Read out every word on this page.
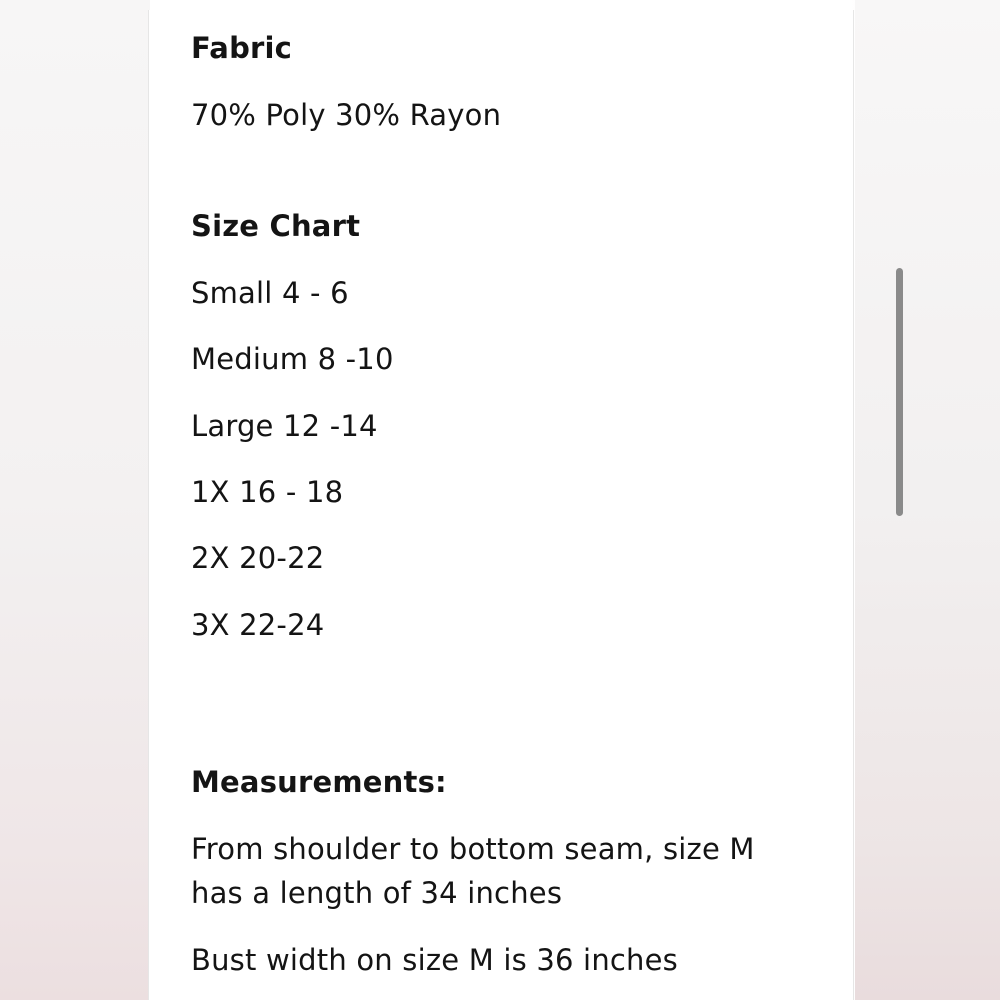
Fabric
70% Poly 30% Rayon
Size Chart
Small 4 - 6
Medium 8 -10
Large 12 -14
1X 16 - 18
2X 20-22
3X 22-24
Measurements:
From shoulder to bottom seam, size M
has a length of 34 inches
Bust width on size M is 36 inches
